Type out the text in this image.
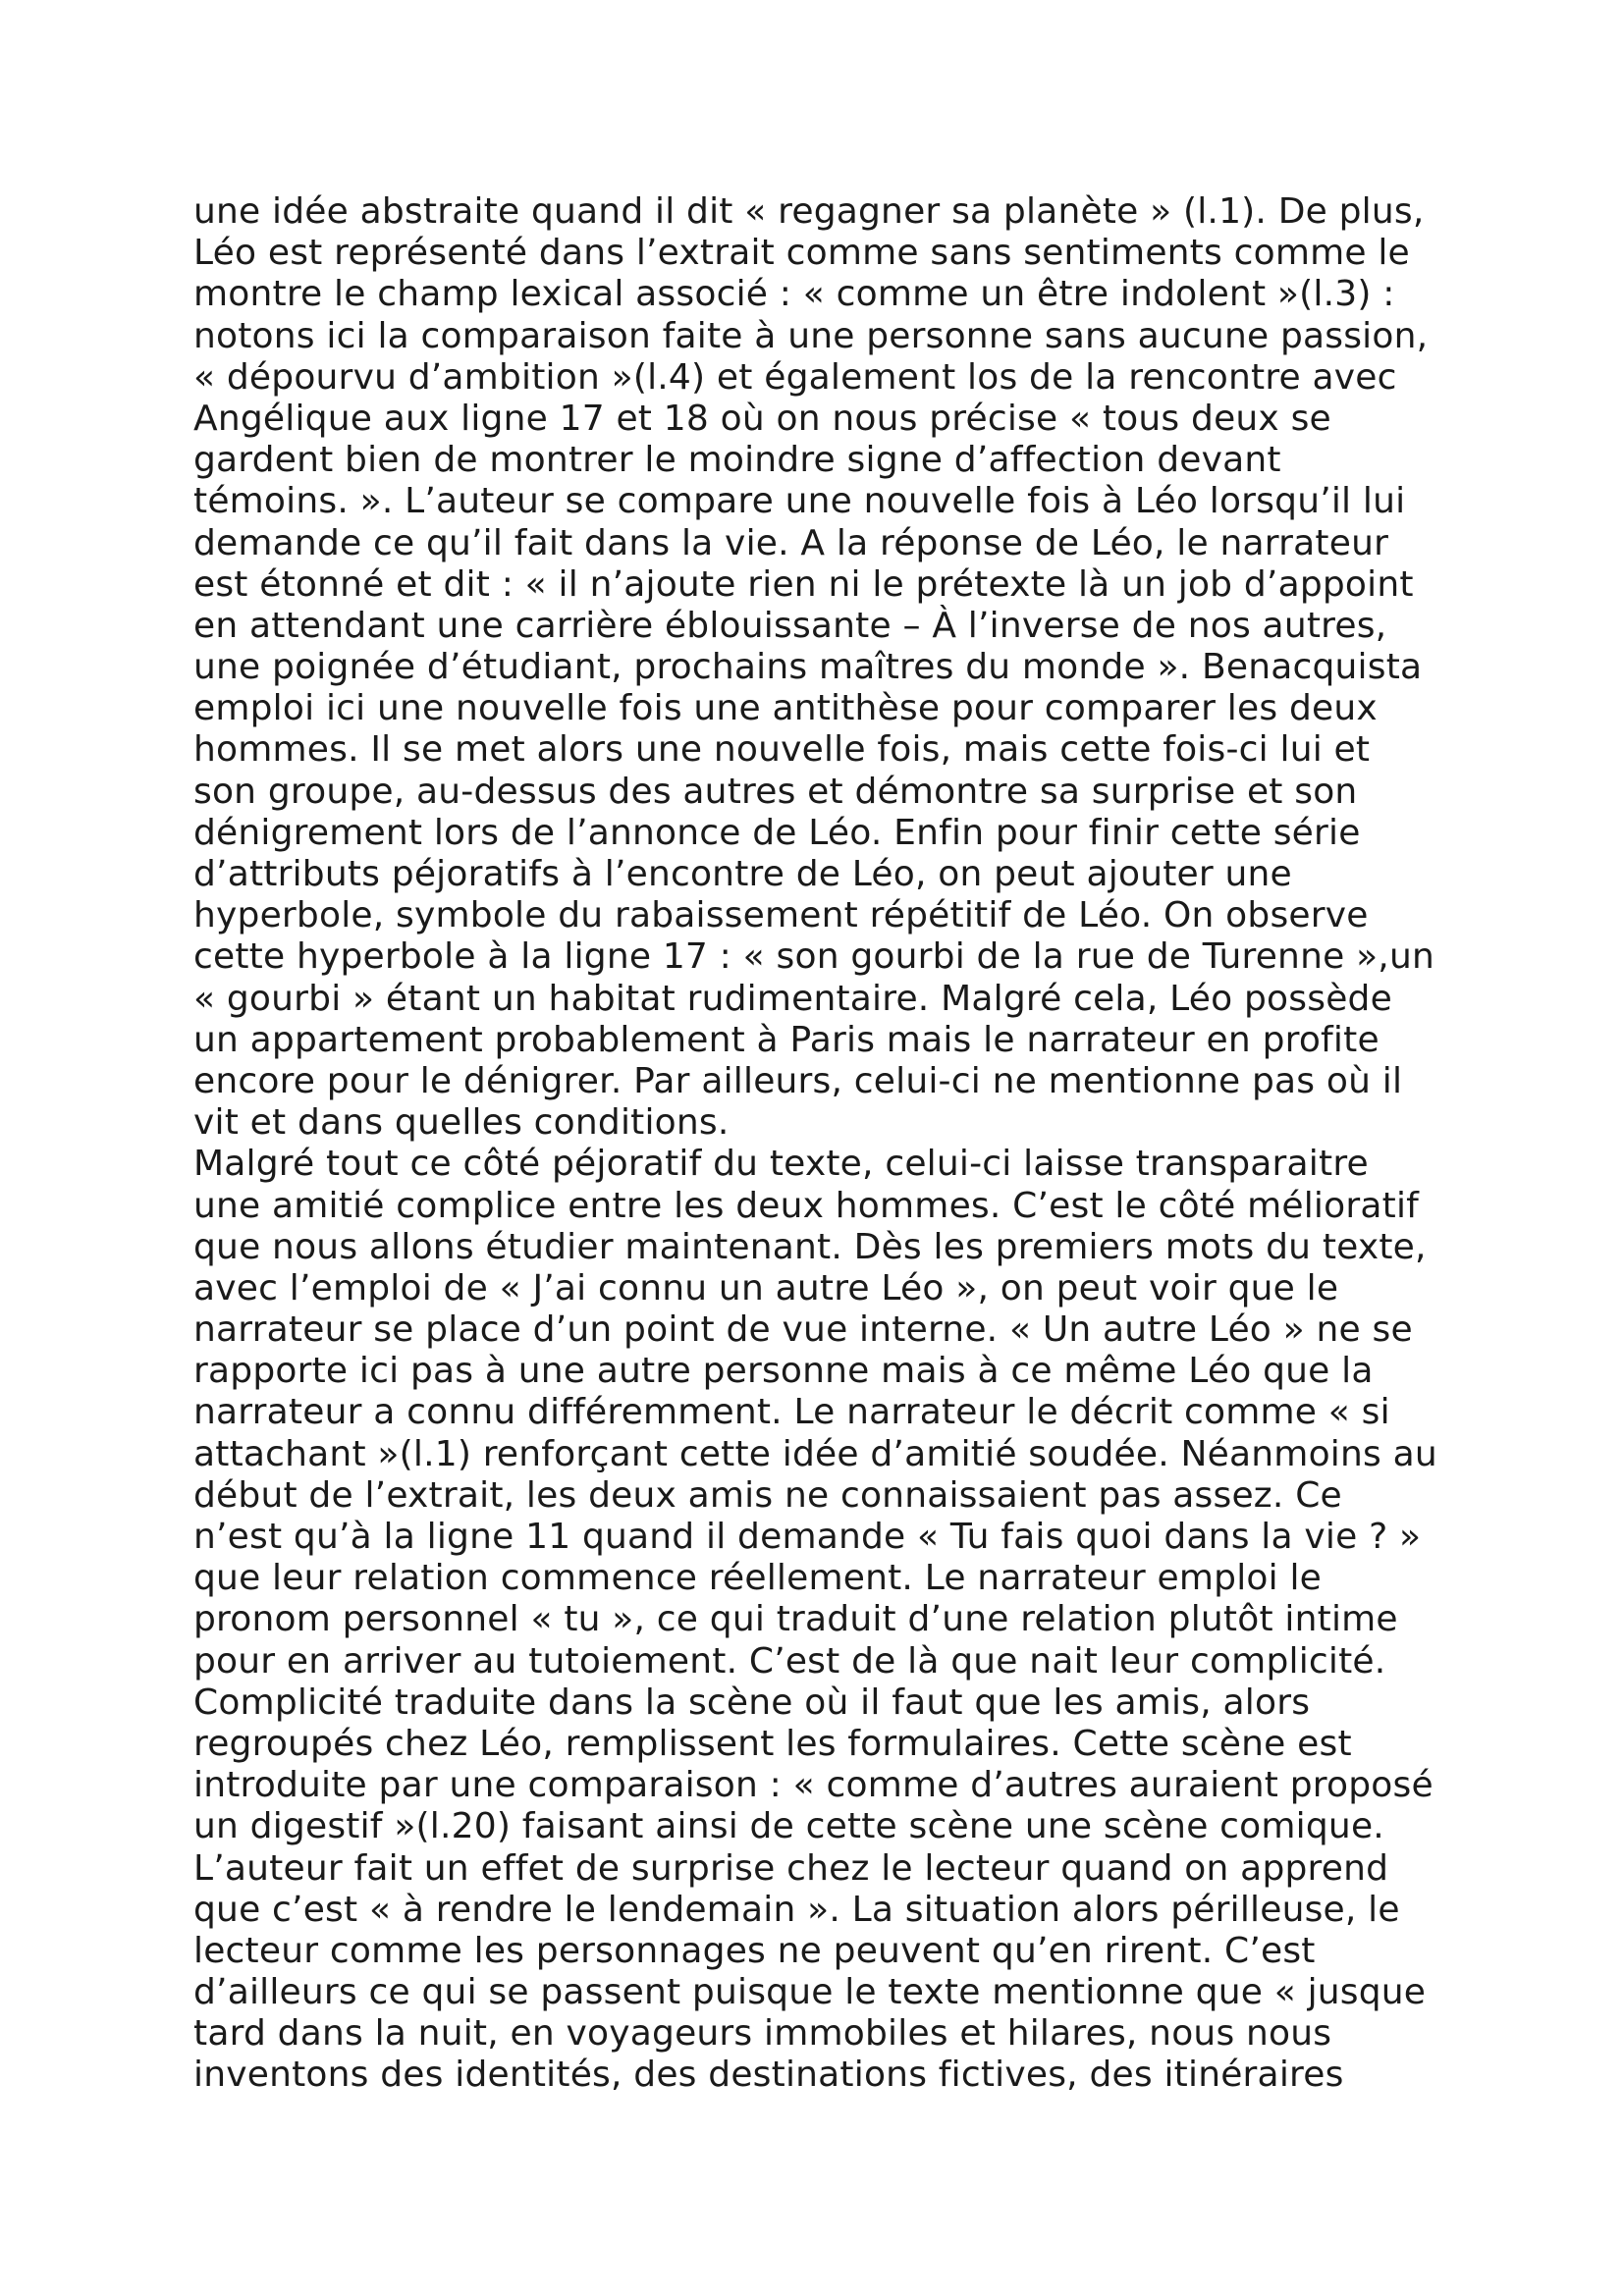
une idée abstraite quand il dit « regagner sa planète » (l.1). De plus,
Léo est représenté dans l’extrait comme sans sentiments comme le
montre le champ lexical associé : « comme un être indolent »(l.3) :
notons ici la comparaison faite à une personne sans aucune passion,
« dépourvu d’ambition »(l.4) et également los de la rencontre avec
Angélique aux ligne 17 et 18 où on nous précise « tous deux se
gardent bien de montrer le moindre signe d’affection devant
témoins. ». L’auteur se compare une nouvelle fois à Léo lorsqu’il lui
demande ce qu’il fait dans la vie. A la réponse de Léo, le narrateur
est étonné et dit : « il n’ajoute rien ni le prétexte là un job d’appoint
en attendant une carrière éblouissante – À l’inverse de nos autres,
une poignée d’étudiant, prochains maîtres du monde ». Benacquista
emploi ici une nouvelle fois une antithèse pour comparer les deux
hommes. Il se met alors une nouvelle fois, mais cette fois-ci lui et
son groupe, au-dessus des autres et démontre sa surprise et son
dénigrement lors de l’annonce de Léo. Enfin pour finir cette série
d’attributs péjoratifs à l’encontre de Léo, on peut ajouter une
hyperbole, symbole du rabaissement répétitif de Léo. On observe
cette hyperbole à la ligne 17 : « son gourbi de la rue de Turenne »,un
« gourbi » étant un habitat rudimentaire. Malgré cela, Léo possède
un appartement probablement à Paris mais le narrateur en profite
encore pour le dénigrer. Par ailleurs, celui-ci ne mentionne pas où il
vit et dans quelles conditions.
Malgré tout ce côté péjoratif du texte, celui-ci laisse transparaitre
une amitié complice entre les deux hommes. C’est le côté mélioratif
que nous allons étudier maintenant. Dès les premiers mots du texte,
avec l’emploi de « J’ai connu un autre Léo », on peut voir que le
narrateur se place d’un point de vue interne. « Un autre Léo » ne se
rapporte ici pas à une autre personne mais à ce même Léo que la
narrateur a connu différemment. Le narrateur le décrit comme « si
attachant »(l.1) renforçant cette idée d’amitié soudée. Néanmoins au
début de l’extrait, les deux amis ne connaissaient pas assez. Ce
n’est qu’à la ligne 11 quand il demande « Tu fais quoi dans la vie ? »
que leur relation commence réellement. Le narrateur emploi le
pronom personnel « tu », ce qui traduit d’une relation plutôt intime
pour en arriver au tutoiement. C’est de là que nait leur complicité.
Complicité traduite dans la scène où il faut que les amis, alors
regroupés chez Léo, remplissent les formulaires. Cette scène est
introduite par une comparaison : « comme d’autres auraient proposé
un digestif »(l.20) faisant ainsi de cette scène une scène comique.
L’auteur fait un effet de surprise chez le lecteur quand on apprend
que c’est « à rendre le lendemain ». La situation alors périlleuse, le
lecteur comme les personnages ne peuvent qu’en rirent. C’est
d’ailleurs ce qui se passent puisque le texte mentionne que « jusque
tard dans la nuit, en voyageurs immobiles et hilares, nous nous
inventons des identités, des destinations fictives, des itinéraires
